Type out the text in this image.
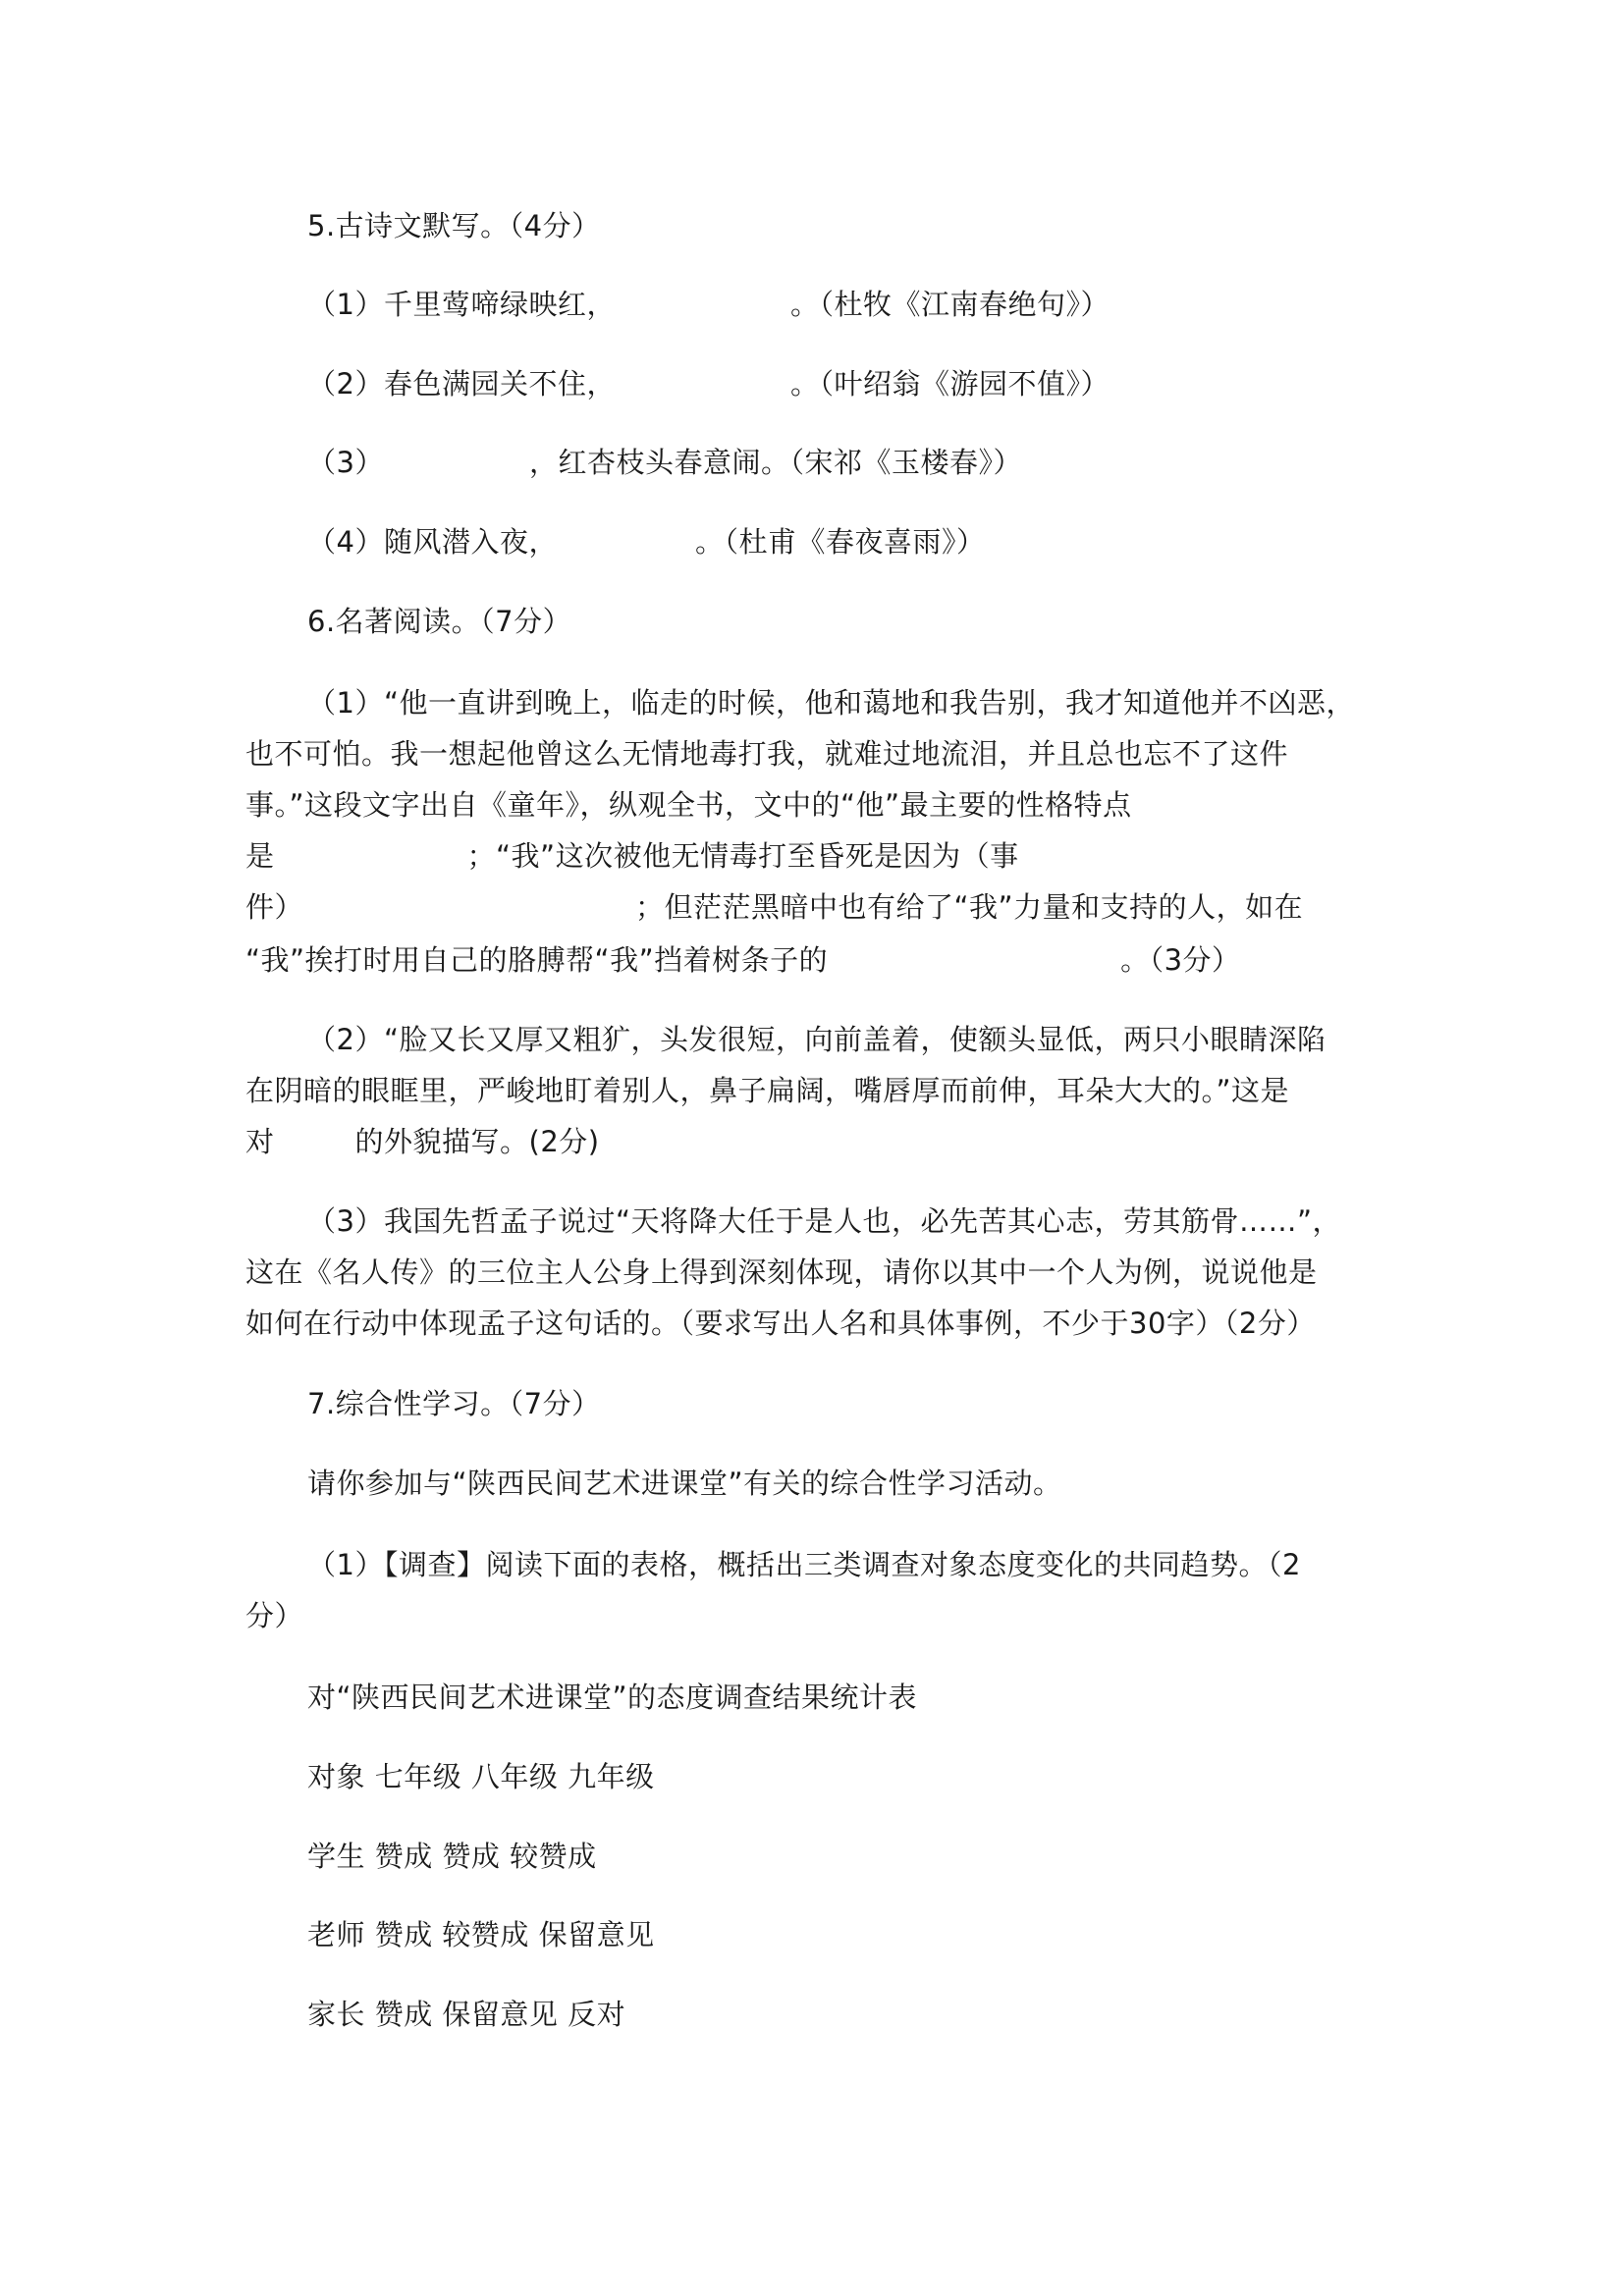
5.古诗文默写。（4分）
（1）千里莺啼绿映红，	。（杜牧《江南春绝句》）
（2）春色满园关不住，	。（叶绍翁《游园不值》）
（3）	，红杏枝头春意闹。（宋祁《玉楼春》）
（4）随风潜入夜，	。（杜甫《春夜喜雨》）
6.名著阅读。（7分）
（1）“他一直讲到晚上，临走的时候，他和蔼地和我告别，我才知道他并不凶恶，
也不可怕。我一想起他曾这么无情地毒打我，就难过地流泪，并且总也忘不了这件
事。”这段文字出自《童年》，纵观全书，文中的“他”最主要的性格特点
是	；“我”这次被他无情毒打至昏死是因为（事
件）	；但茫茫黑暗中也有给了“我”力量和支持的人，如在
“我”挨打时用自己的胳膊帮“我”挡着树条子的	。（3分）
（2）“脸又长又厚又粗犷，头发很短，向前盖着，使额头显低，两只小眼睛深陷
在阴暗的眼眶里，严峻地盯着别人，鼻子扁阔，嘴唇厚而前伸，耳朵大大的。”这是
对	的外貌描写。(2分)
（3）我国先哲孟子说过“天将降大任于是人也，必先苦其心志，劳其筋骨……”，
这在《名人传》的三位主人公身上得到深刻体现，请你以其中一个人为例，说说他是
如何在行动中体现孟子这句话的。（要求写出人名和具体事例，不少于30字）（2分）
7.综合性学习。（7分）
请你参加与“陕西民间艺术进课堂”有关的综合性学习活动。
（1）【调查】阅读下面的表格，概括出三类调查对象态度变化的共同趋势。（2
分）
对“陕西民间艺术进课堂”的态度调查结果统计表
对象 七年级 八年级 九年级
学生 赞成 赞成 较赞成
老师 赞成 较赞成 保留意见
家长 赞成 保留意见 反对
